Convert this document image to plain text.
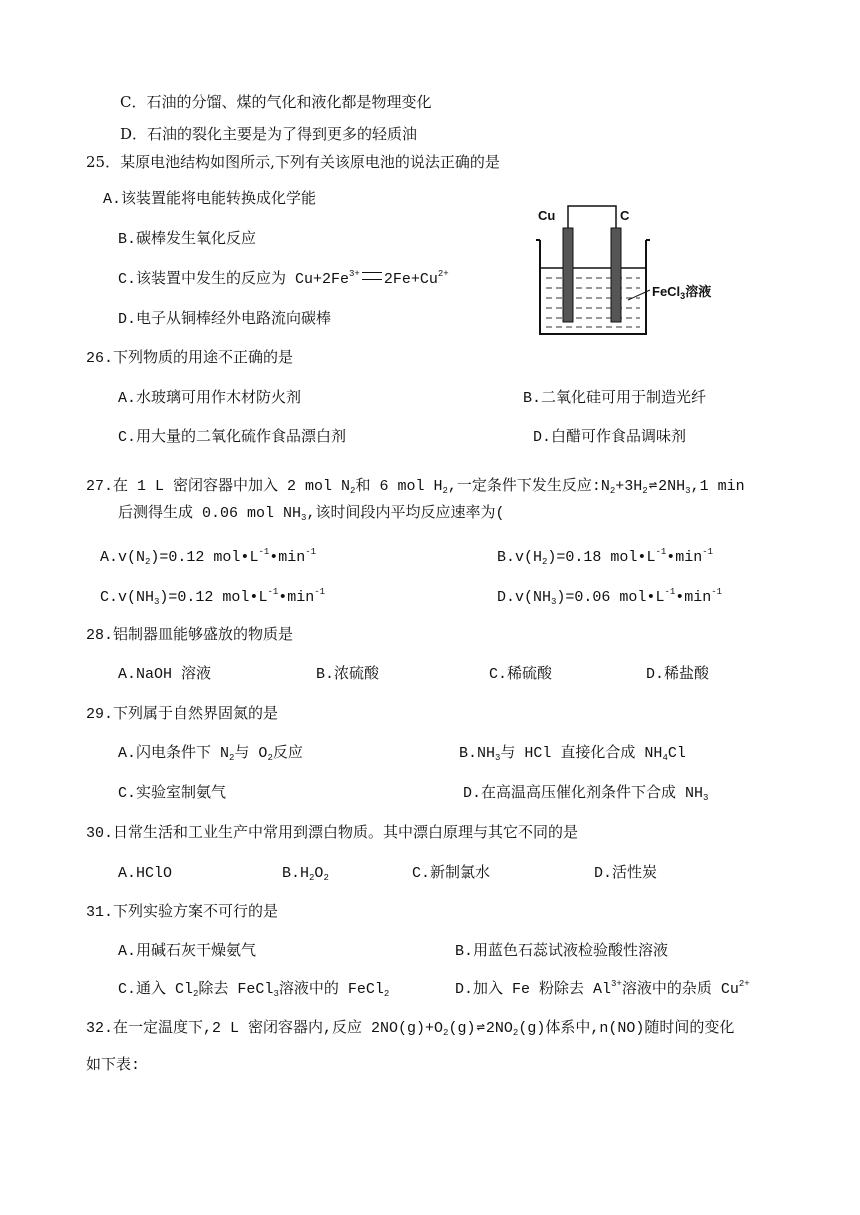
C．石油的分馏、煤的气化和液化都是物理变化
D．石油的裂化主要是为了得到更多的轻质油
25．某原电池结构如图所示,下列有关该原电池的说法正确的是
A.该装置能将电能转换成化学能
B.碳棒发生氧化反应
C.该装置中发生的反应为 $Cu+2Fe^{3+}$ $2Fe+Cu^{2+}$
D.电子从铜棒经外电路流向碳棒
Cu	C
FeCl$_3$溶液
26.下列物质的用途不正确的是
A.水玻璃可用作木材防火剂	B.二氧化硅可用于制造光纤
C.用大量的二氧化硫作食品漂白剂	D.白醋可作食品调味剂
27.在 1 L 密闭容器中加入 2 mol $N_2$和 6 mol $H_2$,一定条件下发生反应$:N_2+3H_2\rightleftharpoons 2NH_3,1$ min
后测得生成 0.06 mol $NH_3$,该时间段内平均反应速率为(
$A.v(N_2)=0.12$ $mol•L^{-1}•\min^{-1}$	$B.v(H_2)=0.18$ $mol•L^{-1}•\min^{-1}$
$C.v(NH_3)=0.12$ $mol•L^{-1}•\min^{-1}$	$D.v(NH_3)=0.06$ $mol•L^{-1}•\min^{-1}$
28.铝制器皿能够盛放的物质是
A.NaOH 溶液	B.浓硫酸	C.稀硫酸	D.稀盐酸
29.下列属于自然界固氮的是
A.闪电条件下 $N_2$与 $O_2$反应	$B.NH_3$与 HCl 直接化合成 $NH_4Cl$
C.实验室制氨气	D.在高温高压催化剂条件下合成 $NH_3$
30.日常生活和工业生产中常用到漂白物质。其中漂白原理与其它不同的是
A.HClO	$B.H_2O_2$	C.新制氯水	D.活性炭
31.下列实验方案不可行的是
A.用碱石灰干燥氨气	B.用蓝色石蕊试液检验酸性溶液
C.通入 $Cl_2$除去 FeCl$_3$溶液中的 FeCl$_2$	D.加入 Fe 粉除去 $Al^{3+}$溶液中的杂质 $Cu^{2+}$
32.在一定温度下,2 L 密闭容器内,反应 $2NO(g)+O_2(g)\rightleftharpoons 2NO_2(g)$体系中,n(NO)随时间的变化
如下表:
